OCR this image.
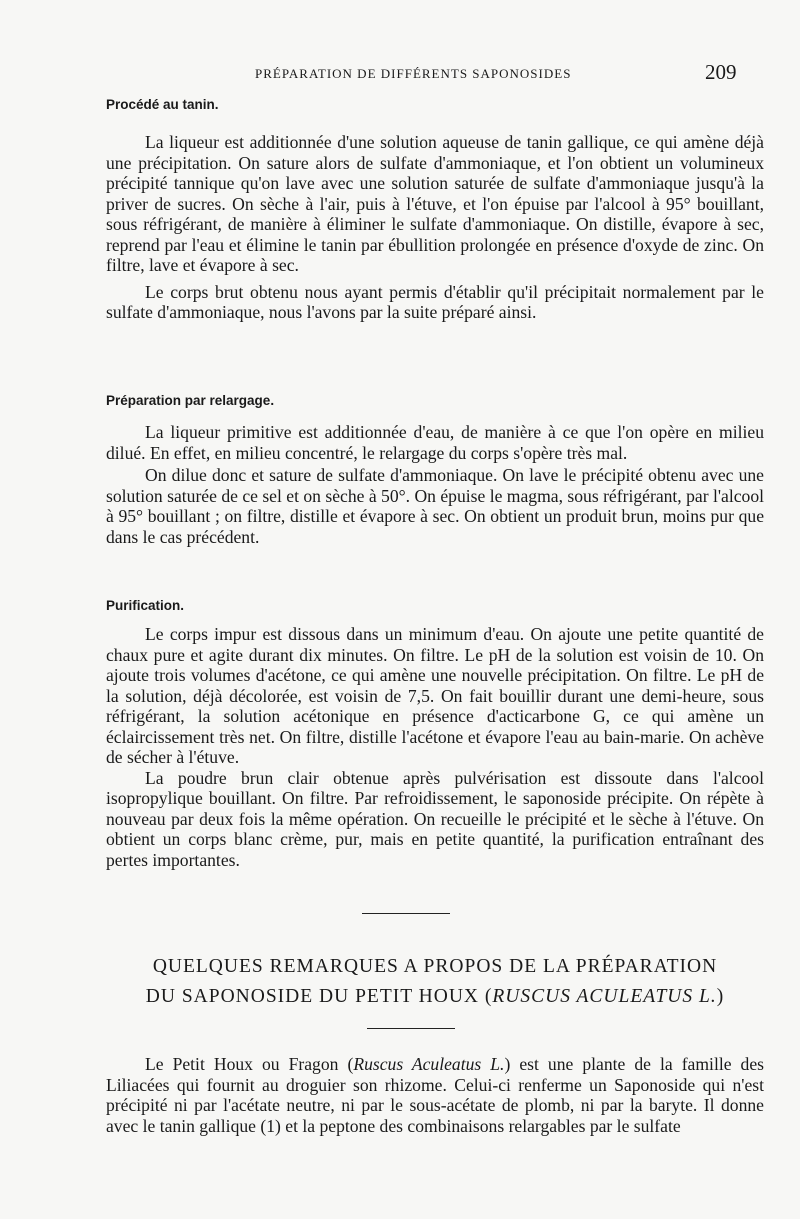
PRÉPARATION DE DIFFÉRENTS SAPONOSIDES	209
Procédé au tanin.

La liqueur est additionnée d'une solution aqueuse de tanin gallique, ce qui amène déjà une précipitation. On sature alors de sulfate d'ammoniaque, et l'on obtient un volumineux précipité tannique qu'on lave avec une solution saturée de sulfate d'ammoniaque jusqu'à la priver de sucres. On sèche à l'air, puis à l'étuve, et l'on épuise par l'alcool à 95° bouillant, sous réfrigérant, de manière à éliminer le sulfate d'ammoniaque. On distille, évapore à sec, reprend par l'eau et élimine le tanin par ébullition prolongée en présence d'oxyde de zinc. On filtre, lave et évapore à sec.

Le corps brut obtenu nous ayant permis d'établir qu'il précipitait normalement par le sulfate d'ammoniaque, nous l'avons par la suite préparé ainsi.

Préparation par relargage.

La liqueur primitive est additionnée d'eau, de manière à ce que l'on opère en milieu dilué. En effet, en milieu concentré, le relargage du corps s'opère très mal.

On dilue donc et sature de sulfate d'ammoniaque. On lave le précipité obtenu avec une solution saturée de ce sel et on sèche à 50°. On épuise le magma, sous réfrigérant, par l'alcool à 95° bouillant ; on filtre, distille et évapore à sec. On obtient un produit brun, moins pur que dans le cas précédent.

Purification.

Le corps impur est dissous dans un minimum d'eau. On ajoute une petite quantité de chaux pure et agite durant dix minutes. On filtre. Le pH de la solution est voisin de 10. On ajoute trois volumes d'acétone, ce qui amène une nouvelle précipitation. On filtre. Le pH de la solution, déjà décolorée, est voisin de 7,5. On fait bouillir durant une demi-heure, sous réfrigérant, la solution acétonique en présence d'acticarbone G, ce qui amène un éclaircissement très net. On filtre, distille l'acétone et évapore l'eau au bain-marie. On achève de sécher à l'étuve.

La poudre brun clair obtenue après pulvérisation est dissoute dans l'alcool isopropylique bouillant. On filtre. Par refroidissement, le saponoside précipite. On répète à nouveau par deux fois la même opération. On recueille le précipité et le sèche à l'étuve. On obtient un corps blanc crème, pur, mais en petite quantité, la purification entraînant des pertes importantes.

QUELQUES REMARQUES A PROPOS DE LA PRÉPARATION
DU SAPONOSIDE DU PETIT HOUX (RUSCUS ACULEATUS L.)

Le Petit Houx ou Fragon (Ruscus Aculeatus L.) est une plante de la famille des Liliacées qui fournit au droguier son rhizome. Celui-ci renferme un Saponoside qui n'est précipité ni par l'acétate neutre, ni par le sous-acétate de plomb, ni par la baryte. Il donne avec le tanin gallique (1) et la peptone des combinaisons relargables par le sulfate
